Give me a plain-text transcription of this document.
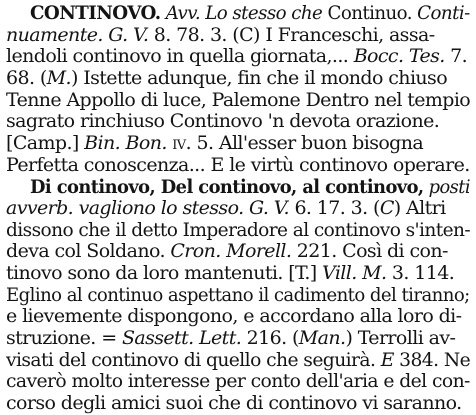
CONTINOVO. Avv. Lo stesso che Continuo. Conti-
nuamente. G. V. 8. 78. 3. (C) I Franceschi, assa-
lendoli continovo in quella giornata,... Bocc. Tes. 7.
68. (M.) Istette adunque, fin che il mondo chiuso
Tenne Appollo di luce, Palemone Dentro nel tempio
sagrato rinchiuso Continovo 'n devota orazione.
[Camp.] Bin. Bon. iv. 5. All'esser buon bisogna
Perfetta conoscenza... E le virtù continovo operare.
Di continovo, Del continovo, al continovo, posti
avverb. vagliono lo stesso. G. V. 6. 17. 3. (C) Altri
dissono che il detto Imperadore al continovo s'inten-
deva col Soldano. Cron. Morell. 221. Così di con-
tinovo sono da loro mantenuti. [T.] Vill. M. 3. 114.
Eglino al continuo aspettano il cadimento del tiranno;
e lievemente dispongono, e accordano alla loro di-
struzione. = Sassett. Lett. 216. (Man.) Terrolli av-
visati del continovo di quello che seguirà. E 384. Ne
caverò molto interesse per conto dell'aria e del con-
corso degli amici suoi che di continovo vi saranno.
